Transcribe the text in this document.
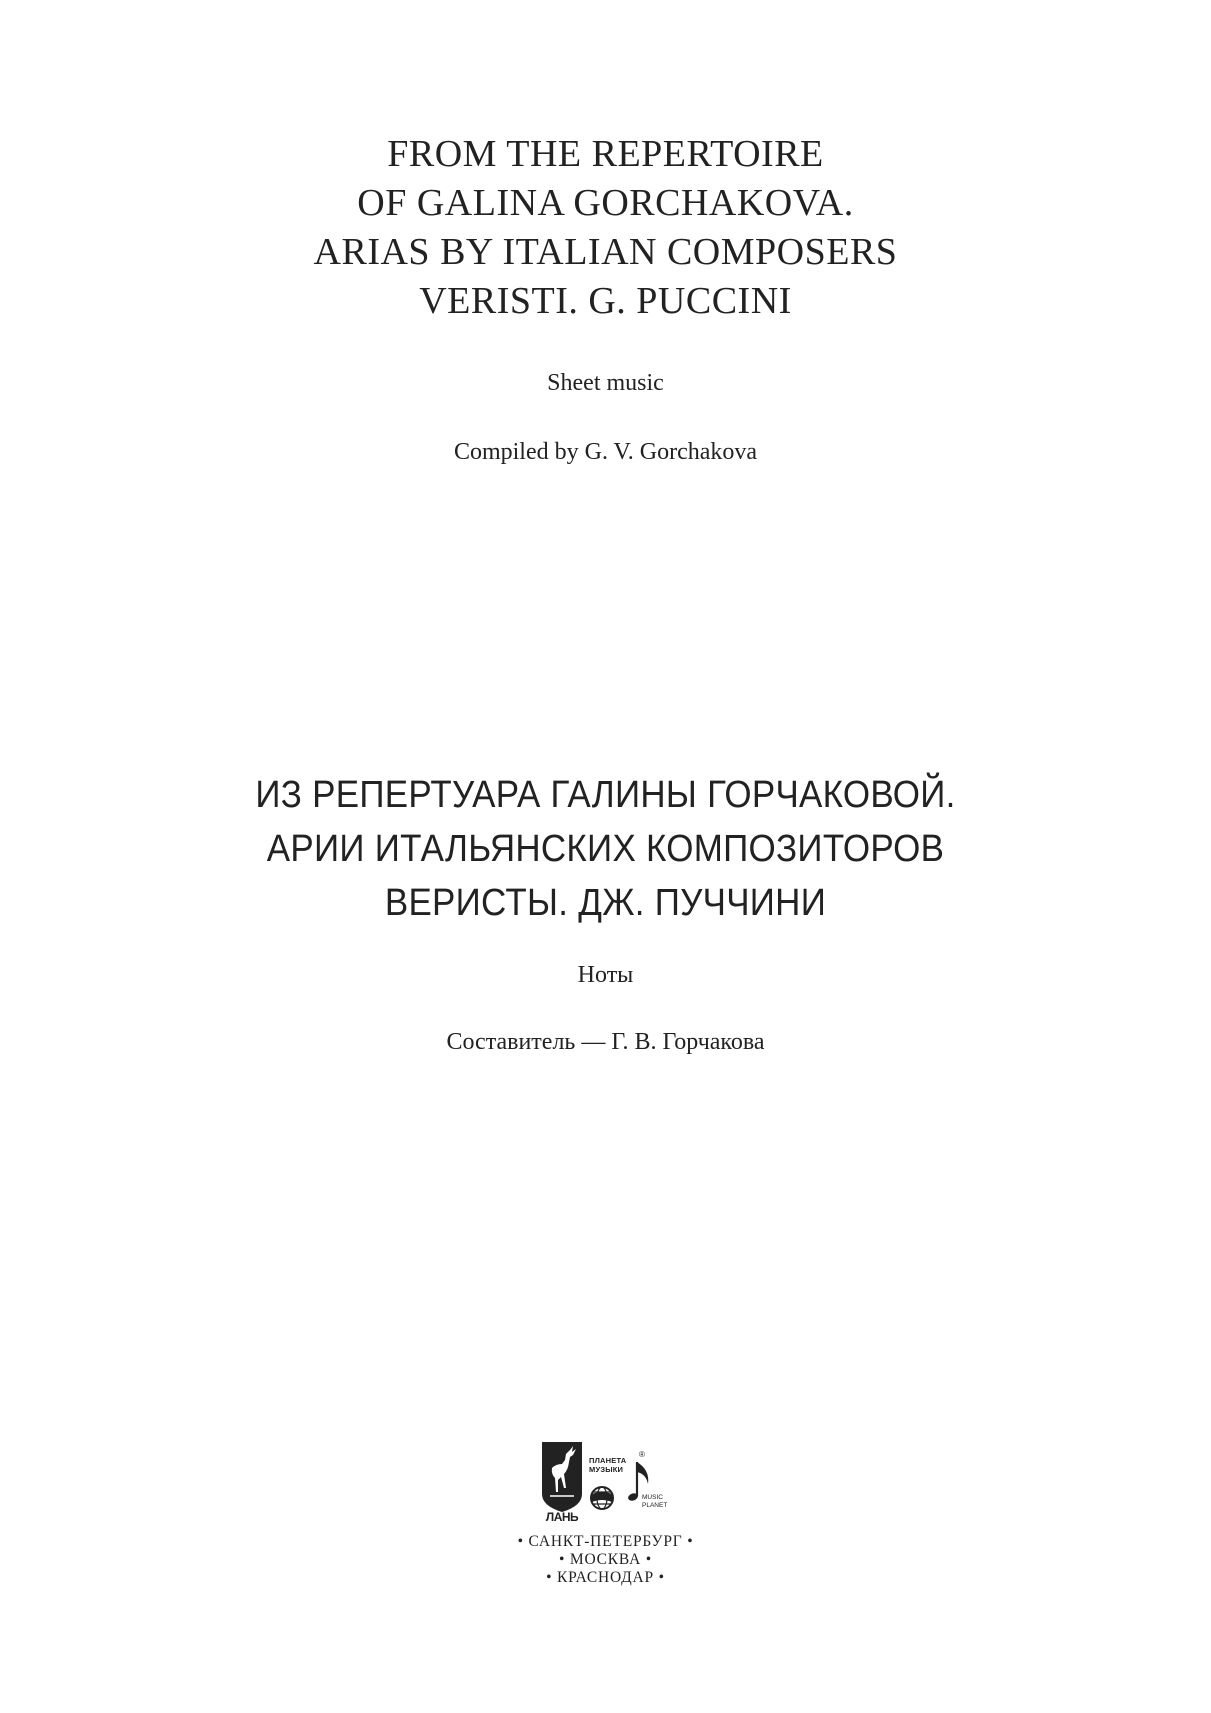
FROM THE REPERTOIRE
OF GALINA GORCHAKOVA.
ARIAS BY ITALIAN COMPOSERS
VERISTI. G. PUCCINI
Sheet music
Compiled by G. V. Gorchakova
ИЗ РЕПЕРТУАРА ГАЛИНЫ ГОРЧАКОВОЙ.
АРИИ ИТАЛЬЯНСКИХ КОМПОЗИТОРОВ
ВЕРИСТЫ. ДЖ. ПУЧЧИНИ
Ноты
Составитель — Г. В. Горчакова
ЛАНЬ
ПЛАНЕТА
МУЗЫКИ
®
MUSIC
PLANET
• САНКТ-ПЕТЕРБУРГ •
• МОСКВА •
• КРАСНОДАР •
